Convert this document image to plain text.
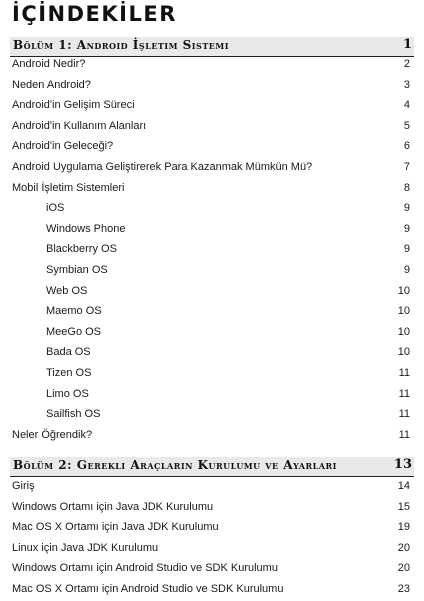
İÇİNDEKİLER
Bölüm 1: Android İşletim Sistemi	1
Android Nedir?	2
Neden Android?	3
Android'in Gelişim Süreci	4
Android'in Kullanım Alanları	5
Android'in Geleceği?	6
Android Uygulama Geliştirerek Para Kazanmak Mümkün Mü?	7
Mobil İşletim Sistemleri	8
iOS	9
Windows Phone	9
Blackberry OS	9
Symbian OS	9
Web OS	10
Maemo OS	10
MeeGo OS	10
Bada OS	10
Tizen OS	11
Limo OS	11
Sailfish OS	11
Neler Öğrendik?	11
Bölüm 2: Gerekli Araçların Kurulumu ve Ayarları	13
Giriş	14
Windows Ortamı için Java JDK Kurulumu	15
Mac OS X Ortamı için Java JDK Kurulumu	19
Linux için Java JDK Kurulumu	20
Windows Ortamı için Android Studio ve SDK Kurulumu	20
Mac OS X Ortamı için Android Studio ve SDK Kurulumu	23
